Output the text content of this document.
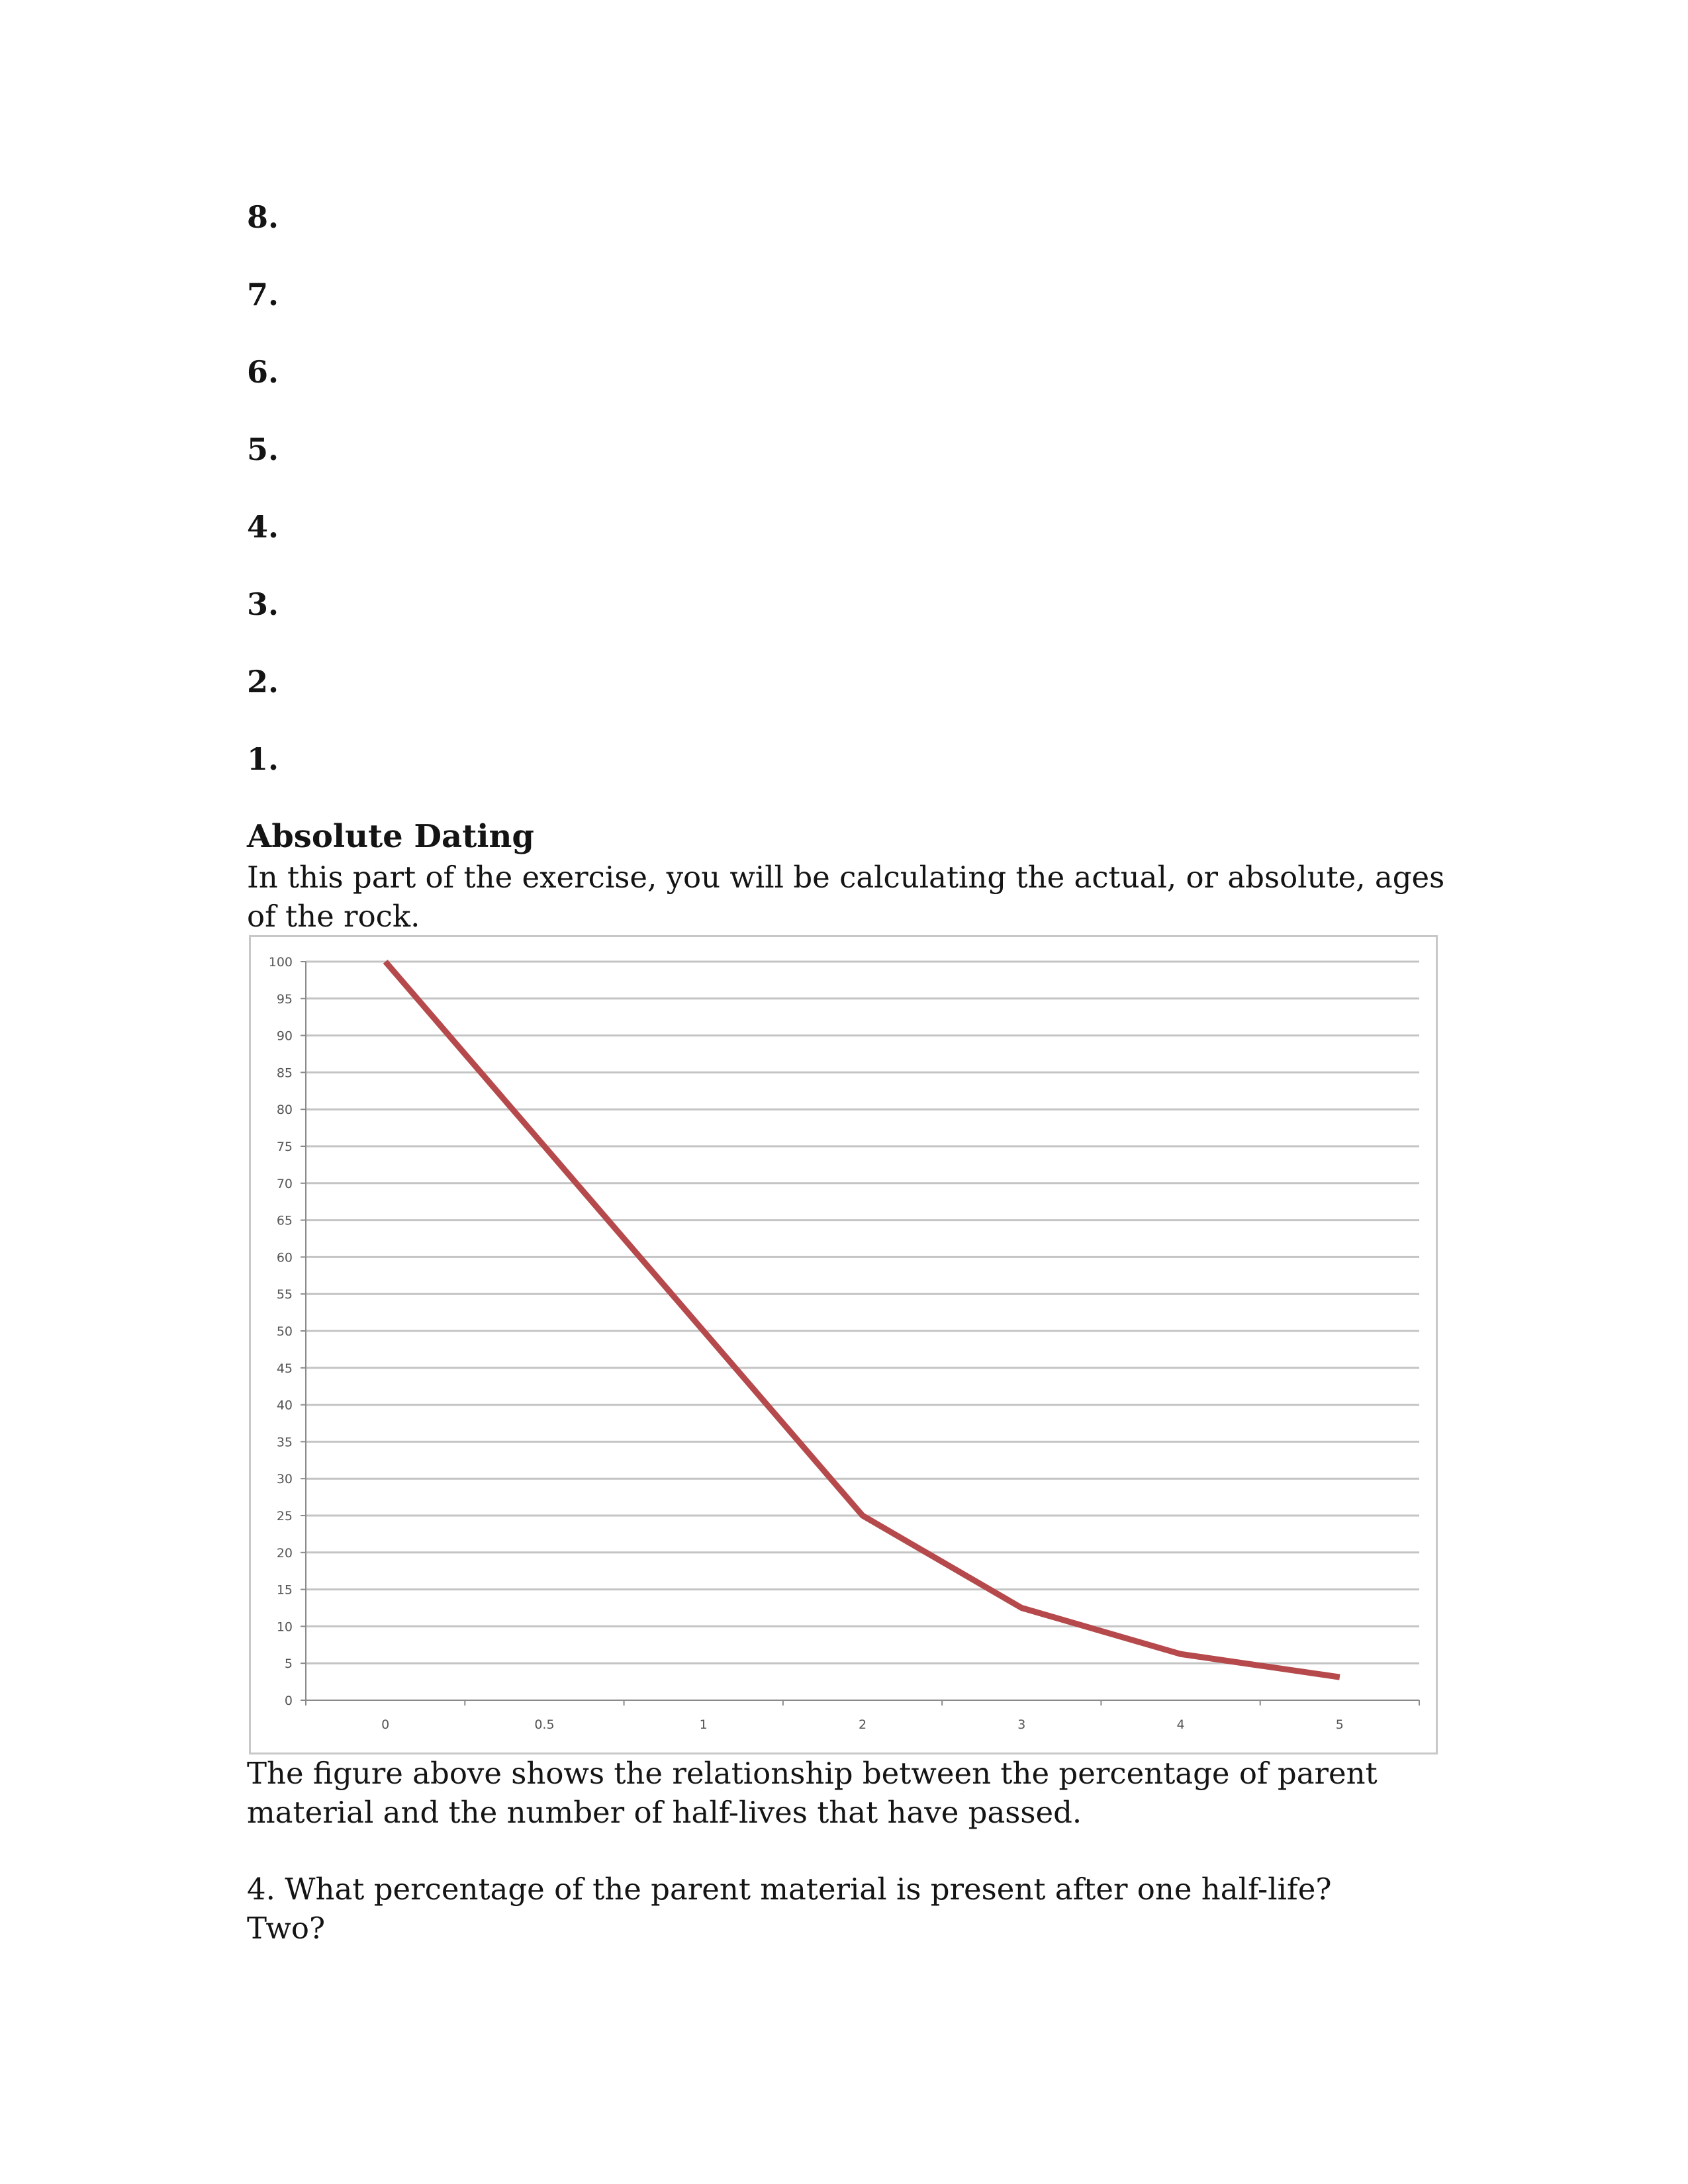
8.
7.
6.
5.
4.
3.
2.
1.
Absolute Dating
In this part of the exercise, you will be calculating the actual, or absolute, ages of the rock.
0
5
10
15
20
25
30
35
40
45
50
55
60
65
70
75
80
85
90
95
100
0	0.5	1	2	3	4	5
The figure above shows the relationship between the percentage of parent material and the number of half-lives that have passed.
4. What percentage of the parent material is present after one half-life?
Two?
